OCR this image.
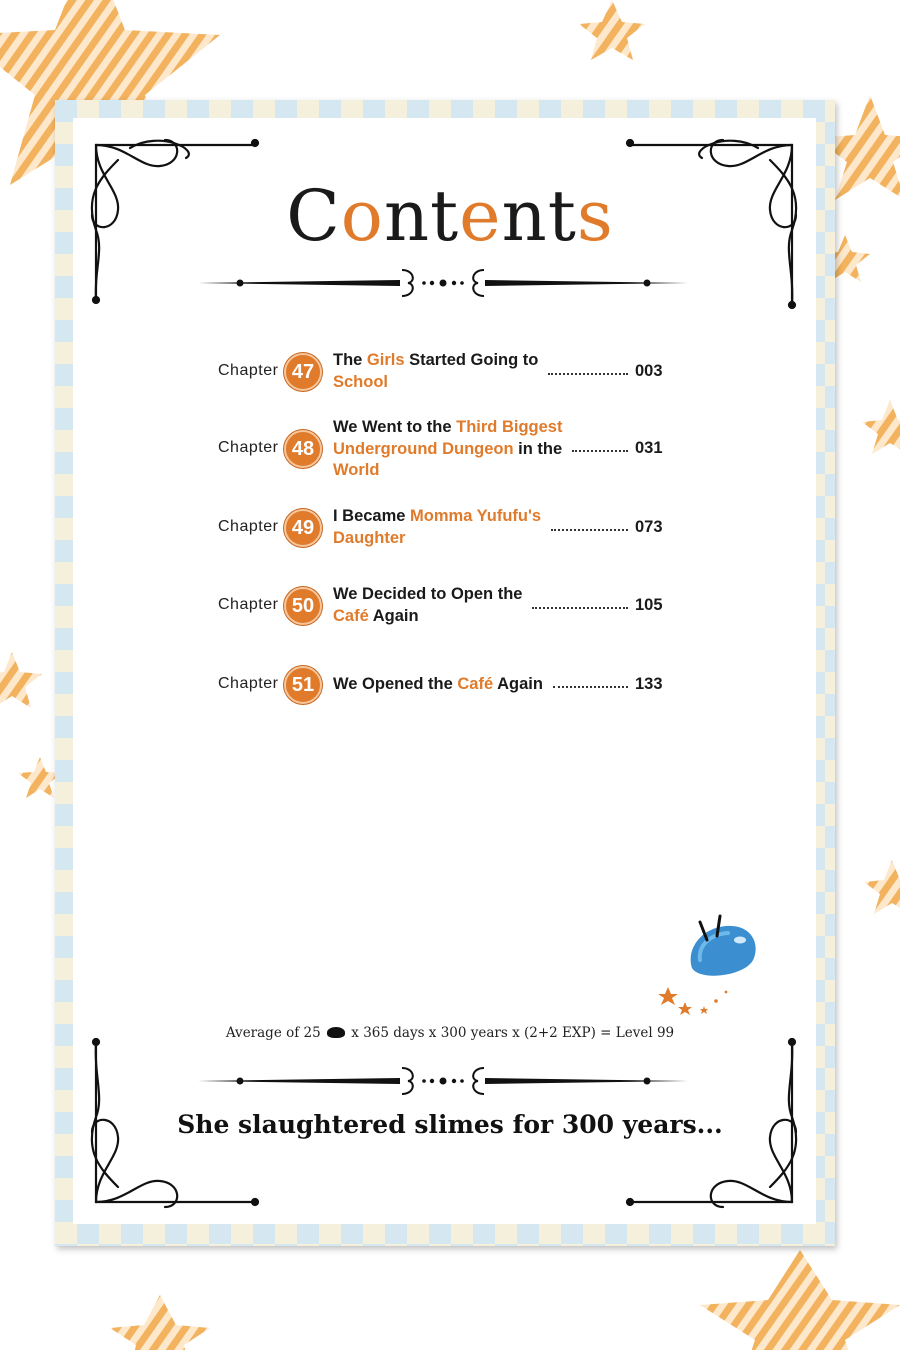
Contents
Chapter 47
The Girls Started Going to
School
003
Chapter 48
We Went to the Third Biggest
Underground Dungeon in the
World
031
Chapter 49
I Became Momma Yufufu's
Daughter
073
Chapter 50
We Decided to Open the
Café Again
105
Chapter 51	We Opened the Café Again	133
Average of 25 x 365 days x 300 years x (2+2 EXP) = Level 99
She slaughtered slimes for 300 years...
